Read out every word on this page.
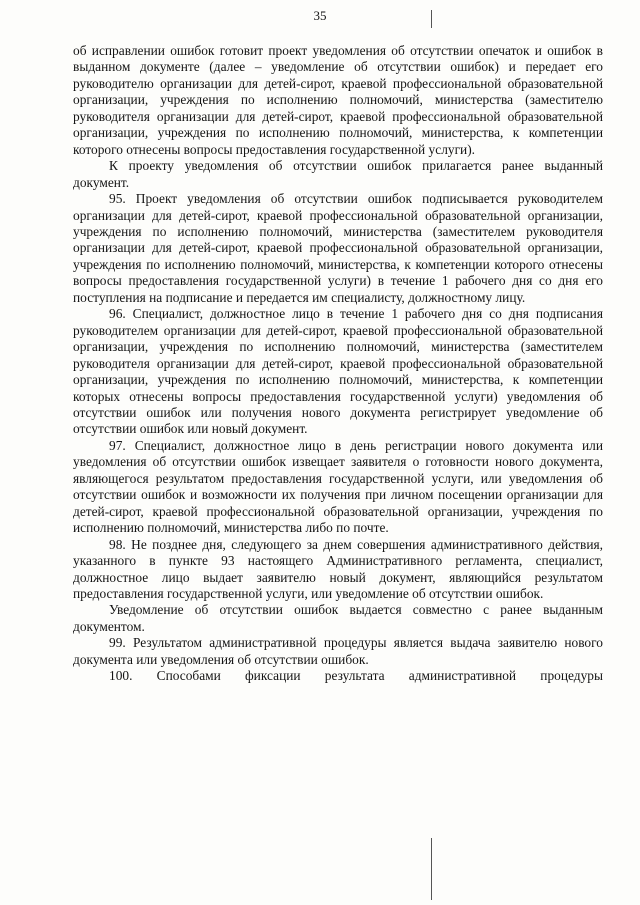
35

об исправлении ошибок готовит проект уведомления об отсутствии опечаток и ошибок в выданном документе (далее – уведомление об отсутствии ошибок) и передает его руководителю организации для детей-сирот, краевой профессиональной образовательной организации, учреждения по исполнению полномочий, министерства (заместителю руководителя организации для детей-сирот, краевой профессиональной образовательной организации, учреждения по исполнению полномочий, министерства, к компетенции которого отнесены вопросы предоставления государственной услуги).

К проекту уведомления об отсутствии ошибок прилагается ранее выданный документ.

95. Проект уведомления об отсутствии ошибок подписывается руководителем организации для детей-сирот, краевой профессиональной образовательной организации, учреждения по исполнению полномочий, министерства (заместителем руководителя организации для детей-сирот, краевой профессиональной образовательной организации, учреждения по исполнению полномочий, министерства, к компетенции которого отнесены вопросы предоставления государственной услуги) в течение 1 рабочего дня со дня его поступления на подписание и передается им специалисту, должностному лицу.

96. Специалист, должностное лицо в течение 1 рабочего дня со дня подписания руководителем организации для детей-сирот, краевой профессиональной образовательной организации, учреждения по исполнению полномочий, министерства (заместителем руководителя организации для детей-сирот, краевой профессиональной образовательной организации, учреждения по исполнению полномочий, министерства, к компетенции которых отнесены вопросы предоставления государственной услуги) уведомления об отсутствии ошибок или получения нового документа регистрирует уведомление об отсутствии ошибок или новый документ.

97. Специалист, должностное лицо в день регистрации нового документа или уведомления об отсутствии ошибок извещает заявителя о готовности нового документа, являющегося результатом предоставления государственной услуги, или уведомления об отсутствии ошибок и возможности их получения при личном посещении организации для детей-сирот, краевой профессиональной образовательной организации, учреждения по исполнению полномочий, министерства либо по почте.

98. Не позднее дня, следующего за днем совершения административного действия, указанного в пункте 93 настоящего Административного регламента, специалист, должностное лицо выдает заявителю новый документ, являющийся результатом предоставления государственной услуги, или уведомление об отсутствии ошибок.

Уведомление об отсутствии ошибок выдается совместно с ранее выданным документом.

99. Результатом административной процедуры является выдача заявителю нового документа или уведомления об отсутствии ошибок.

100. Способами фиксации результата административной процедуры
